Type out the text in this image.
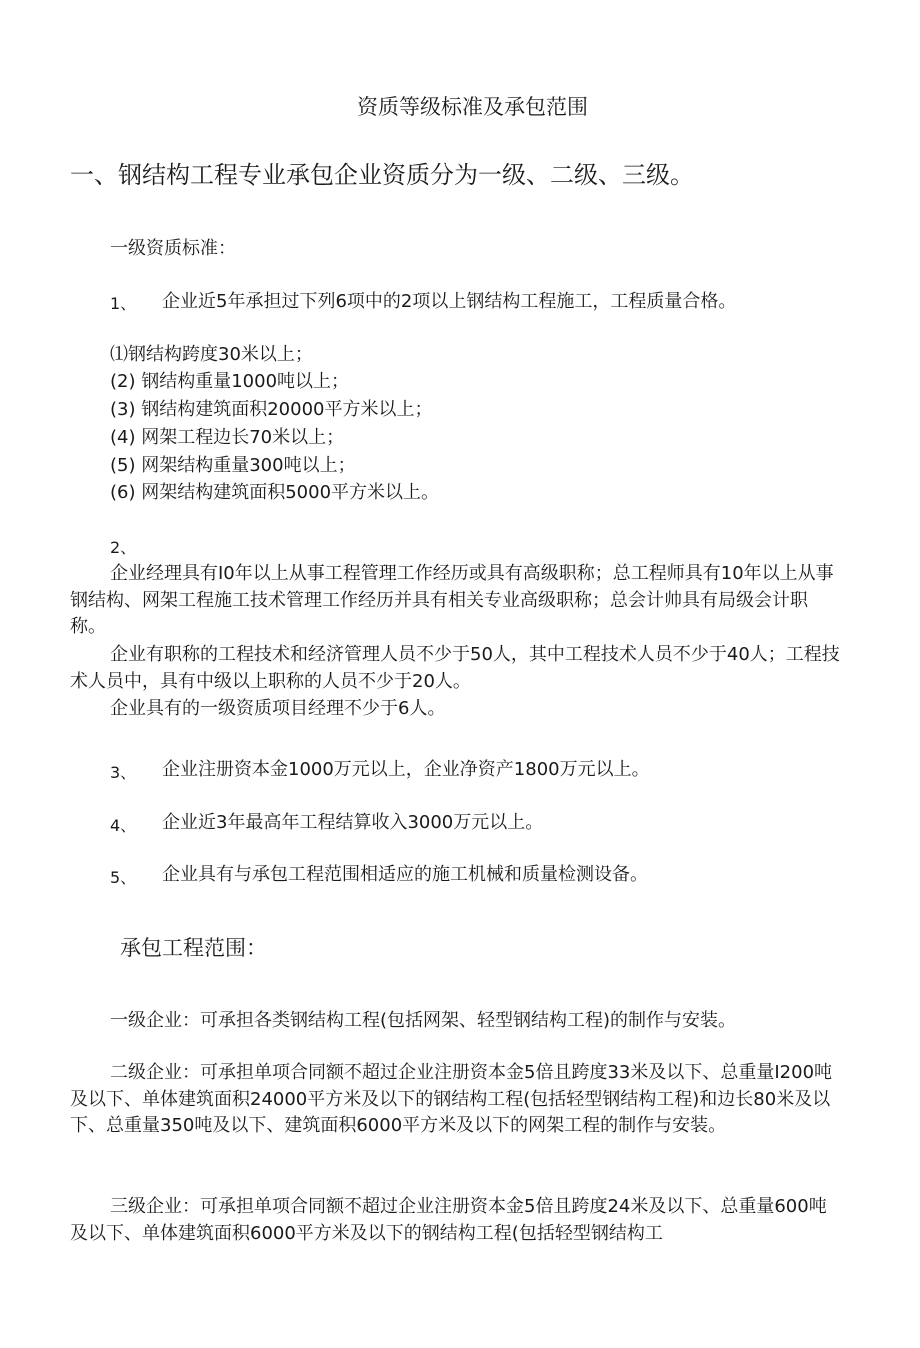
资质等级标准及承包范围
一、钢结构工程专业承包企业资质分为一级、二级、三级。
一级资质标准：
1、 企业近5年承担过下列6项中的2项以上钢结构工程施工，工程质量合格。
⑴钢结构跨度30米以上；
(2) 钢结构重量1000吨以上；
(3) 钢结构建筑面积20000平方米以上；
(4) 网架工程边长70米以上；
(5) 网架结构重量300吨以上；
(6) 网架结构建筑面积5000平方米以上。
2、
企业经理具有I0年以上从事工程管理工作经历或具有高级职称；总工程师具有10年以上从事钢结构、网架工程施工技术管理工作经历并具有相关专业高级职称；总会计帅具有局级会计职称。
企业有职称的工程技术和经济管理人员不少于50人，其中工程技术人员不少于40人；工程技术人员中，具有中级以上职称的人员不少于20人。
企业具有的一级资质项目经理不少于6人。
3、 企业注册资本金1000万元以上，企业净资产1800万元以上。
4、 企业近3年最高年工程结算收入3000万元以上。
5、 企业具有与承包工程范围相适应的施工机械和质量检测设备。
承包工程范围：
一级企业：可承担各类钢结构工程(包括网架、轻型钢结构工程)的制作与安装。
二级企业：可承担单项合同额不超过企业注册资本金5倍且跨度33米及以下、总重量I200吨及以下、单体建筑面积24000平方米及以下的钢结构工程(包括轻型钢结构工程)和边长80米及以下、总重量350吨及以下、建筑面积6000平方米及以下的网架工程的制作与安装。
三级企业：可承担单项合同额不超过企业注册资本金5倍且跨度24米及以下、总重量600吨及以下、单体建筑面积6000平方米及以下的钢结构工程(包括轻型钢结构工
